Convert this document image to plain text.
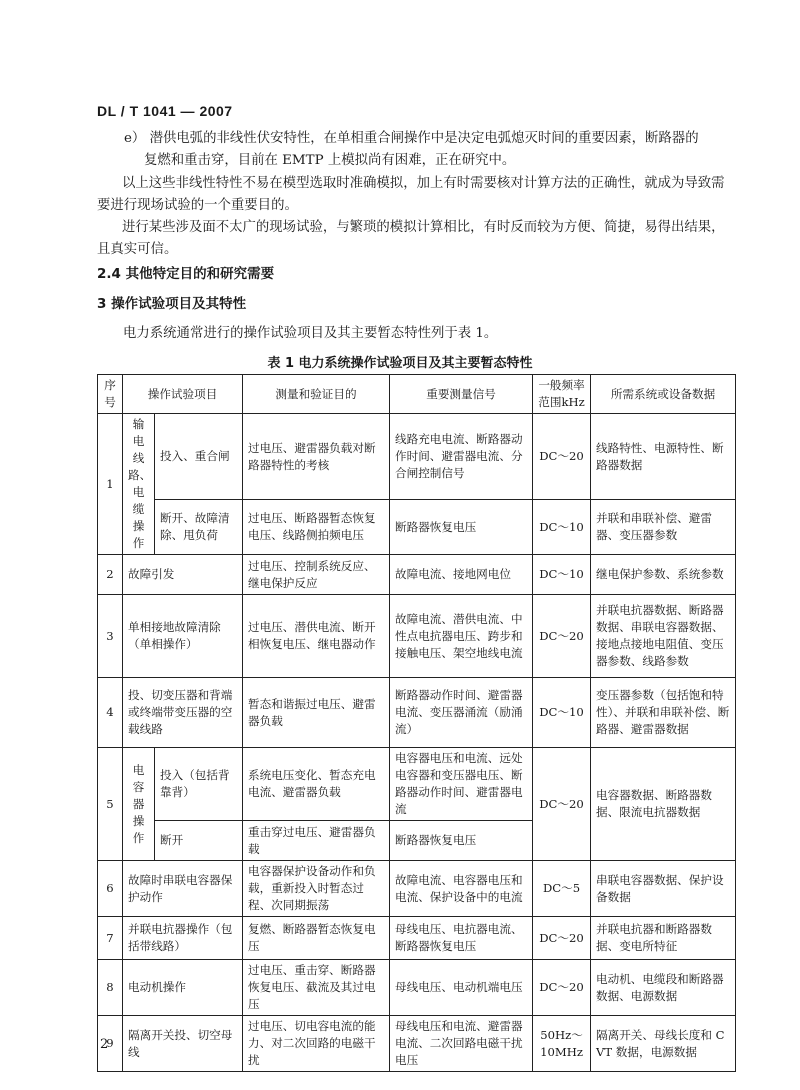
DL / T 1041 — 2007
e） 潜供电弧的非线性伏安特性，在单相重合闸操作中是决定电弧熄灭时间的重要因素，断路器的
复燃和重击穿，目前在 EMTP 上模拟尚有困难，正在研究中。
以上这些非线性特性不易在模型选取时准确模拟，加上有时需要核对计算方法的正确性，就成为导致需要进行现场试验的一个重要目的。
进行某些涉及面不太广的现场试验，与繁琐的模拟计算相比，有时反而较为方便、简捷，易得出结果，且真实可信。
2.4 其他特定目的和研究需要
3 操作试验项目及其特性
电力系统通常进行的操作试验项目及其主要暂态特性列于表 1。
表 1 电力系统操作试验项目及其主要暂态特性
序号	操作试验项目		测量和验证目的	重要测量信号	一般频率范围kHz	所需系统或设备数据
1	输电线路、电缆操作	投入、重合闸	过电压、避雷器负载对断路器特性的考核	线路充电电流、断路器动作时间、避雷器电流、分合闸控制信号	DC～20	线路特性、电源特性、断路器数据
		断开、故障清除、甩负荷	过电压、断路器暂态恢复电压、线路侧拍频电压	断路器恢复电压	DC～10	并联和串联补偿、避雷器、变压器参数
2	故障引发		过电压、控制系统反应、继电保护反应	故障电流、接地网电位	DC～10	继电保护参数、系统参数
3	单相接地故障清除（单相操作）		过电压、潜供电流、断开相恢复电压、继电器动作	故障电流、潜供电流、中性点电抗器电压、跨步和接触电压、架空地线电流	DC～20	并联电抗器数据、断路器数据、串联电容器数据、接地点接地电阻值、变压器参数、线路参数
4	投、切变压器和背端或终端带变压器的空载线路		暂态和谐振过电压、避雷器负载	断路器动作时间、避雷器电流、变压器涌流（励涌流）	DC～10	变压器参数（包括饱和特性）、并联和串联补偿、断路器、避雷器数据
5	电容器操作	投入（包括背靠背）	系统电压变化、暂态充电电流、避雷器负载	电容器电压和电流、远处电容器和变压器电压、断路器动作时间、避雷器电流	DC～20	电容器数据、断路器数据、限流电抗器数据
		断开	重击穿过电压、避雷器负载	断路器恢复电压		
6	故障时串联电容器保护动作		电容器保护设备动作和负载，重新投入时暂态过程、次同期振荡	故障电流、电容器电压和电流、保护设备中的电流	DC～5	串联电容器数据、保护设备数据
7	并联电抗器操作（包括带线路）		复燃、断路器暂态恢复电压	母线电压、电抗器电流、断路器恢复电压	DC～20	并联电抗器和断路器数据、变电所特征
8	电动机操作		过电压、重击穿、断路器恢复电压、截流及其过电压	母线电压、电动机端电压	DC～20	电动机、电缆段和断路器数据、电源数据
9	隔离开关投、切空母线		过电压、切电容电流的能力、对二次回路的电磁干扰	母线电压和电流、避雷器电流、二次回路电磁干扰电压	50Hz～10MHz	隔离开关、母线长度和 CVT 数据，电源数据
2
